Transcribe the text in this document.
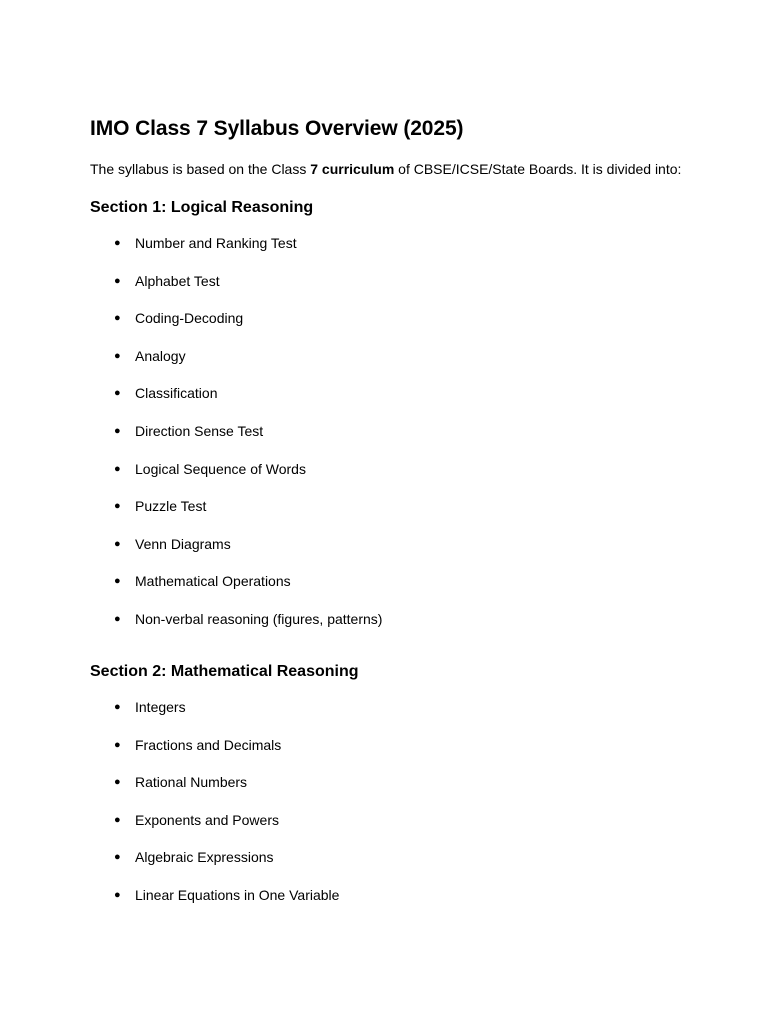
IMO Class 7 Syllabus Overview (2025)

The syllabus is based on the Class 7 curriculum of CBSE/ICSE/State Boards. It is divided into:

Section 1: Logical Reasoning
● Number and Ranking Test
● Alphabet Test
● Coding-Decoding
● Analogy
● Classification
● Direction Sense Test
● Logical Sequence of Words
● Puzzle Test
● Venn Diagrams
● Mathematical Operations
● Non-verbal reasoning (figures, patterns)
Section 2: Mathematical Reasoning
● Integers
● Fractions and Decimals
● Rational Numbers
● Exponents and Powers
● Algebraic Expressions
● Linear Equations in One Variable
